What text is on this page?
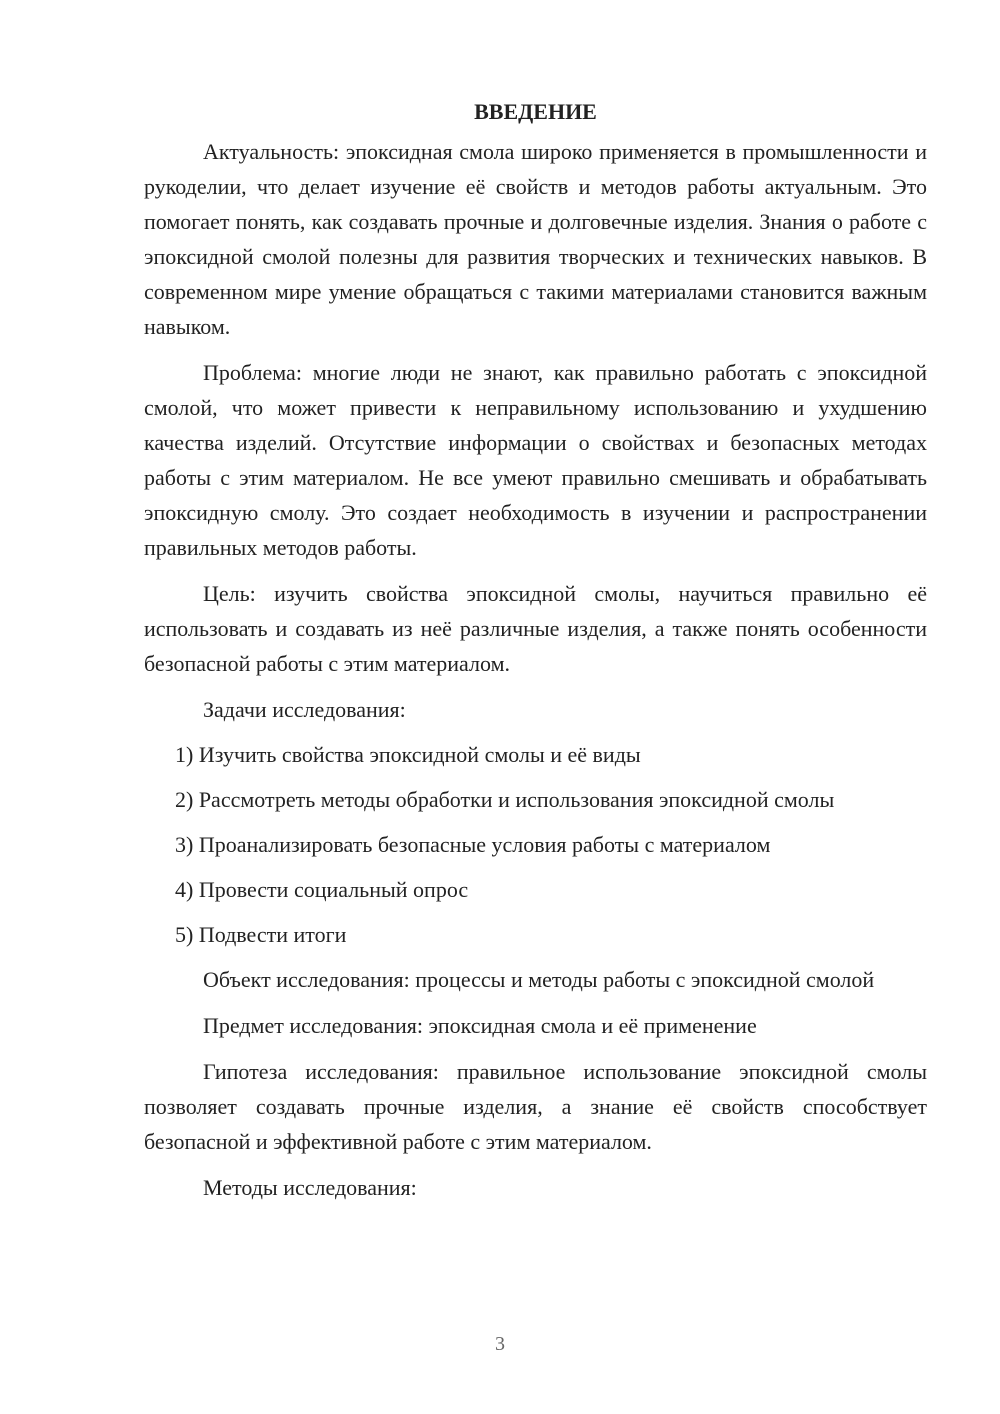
ВВЕДЕНИЕ

Актуальность: эпоксидная смола широко применяется в промышленности и рукоделии, что делает изучение её свойств и методов работы актуальным. Это помогает понять, как создавать прочные и долговечные изделия. Знания о работе с эпоксидной смолой полезны для развития творческих и технических навыков. В современном мире умение обращаться с такими материалами становится важным навыком.

Проблема: многие люди не знают, как правильно работать с эпоксидной смолой, что может привести к неправильному использованию и ухудшению качества изделий. Отсутствие информации о свойствах и безопасных методах работы с этим материалом. Не все умеют правильно смешивать и обрабатывать эпоксидную смолу. Это создает необходимость в изучении и распространении правильных методов работы.

Цель: изучить свойства эпоксидной смолы, научиться правильно её использовать и создавать из неё различные изделия, а также понять особенности безопасной работы с этим материалом.

Задачи исследования:
1) Изучить свойства эпоксидной смолы и её виды
2) Рассмотреть методы обработки и использования эпоксидной смолы
3) Проанализировать безопасные условия работы с материалом
4) Провести социальный опрос
5) Подвести итоги

Объект исследования: процессы и методы работы с эпоксидной смолой

Предмет исследования: эпоксидная смола и её применение

Гипотеза исследования: правильное использование эпоксидной смолы позволяет создавать прочные изделия, а знание её свойств способствует безопасной и эффективной работе с этим материалом.

Методы исследования:
3
